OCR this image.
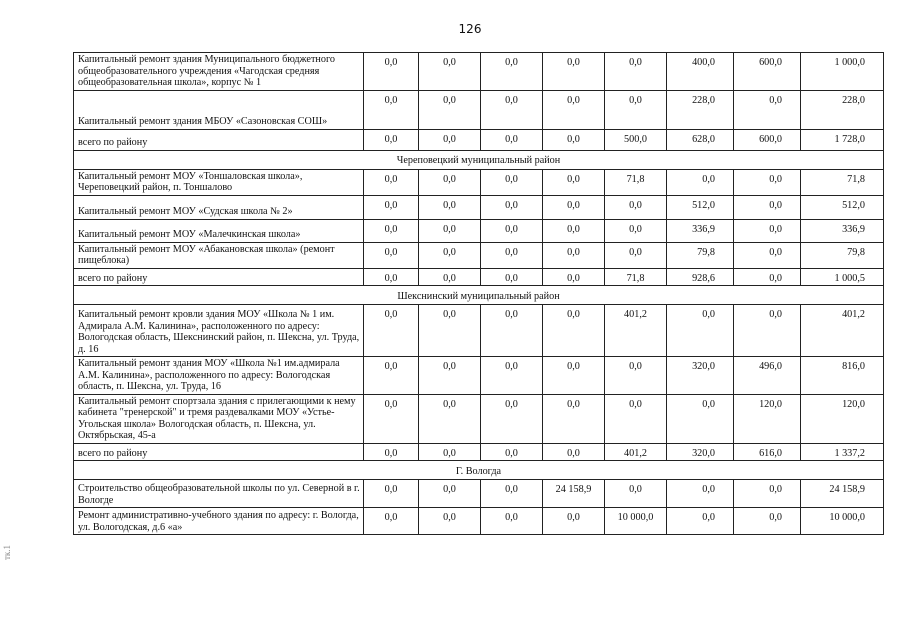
126
тк.1
Капитальный ремонт здания Муниципального бюджетного общеобразовательного учреждения «Чагодская средняя общеобразовательная школа», корпус № 1	0,0	0,0	0,0	0,0	0,0	400,0	600,0	1 000,0
Капитальный ремонт здания МБОУ «Сазоновская СОШ»	0,0	0,0	0,0	0,0	0,0	228,0	0,0	228,0
всего по району	0,0	0,0	0,0	0,0	500,0	628,0	600,0	1 728,0
Череповецкий муниципальный район								
Капитальный ремонт МОУ «Тоншаловская школа», Череповецкий район, п. Тоншалово	0,0	0,0	0,0	0,0	71,8	0,0	0,0	71,8
Капитальный ремонт МОУ «Судская школа № 2»	0,0	0,0	0,0	0,0	0,0	512,0	0,0	512,0
Капитальный ремонт МОУ «Малечкинская школа»	0,0	0,0	0,0	0,0	0,0	336,9	0,0	336,9
Капитальный ремонт МОУ «Абакановская школа» (ремонт пищеблока)	0,0	0,0	0,0	0,0	0,0	79,8	0,0	79,8
всего по району	0,0	0,0	0,0	0,0	71,8	928,6	0,0	1 000,5
Шекснинский муниципальный район								
Капитальный ремонт кровли здания МОУ «Школа № 1 им. Адмирала А.М. Калинина», расположенного по адресу: Вологодская область, Шекснинский район, п. Шексна, ул. Труда, д. 16	0,0	0,0	0,0	0,0	401,2	0,0	0,0	401,2
Капитальный ремонт здания МОУ «Школа №1 им.адмирала А.М. Калинина», расположенного по адресу: Вологодская область, п. Шексна, ул. Труда, 16	0,0	0,0	0,0	0,0	0,0	320,0	496,0	816,0
Капитальный ремонт спортзала здания с прилегающими к нему кабинета "тренерской" и тремя раздевалками МОУ «Устье-Угольская школа» Вологодская область, п. Шексна, ул. Октябрьская, 45-а	0,0	0,0	0,0	0,0	0,0	0,0	120,0	120,0
всего по району	0,0	0,0	0,0	0,0	401,2	320,0	616,0	1 337,2
Г. Вологда								
Строительство общеобразовательной школы по ул. Северной в г. Вологде	0,0	0,0	0,0	24 158,9	0,0	0,0	0,0	24 158,9
Ремонт административно-учебного здания по адресу: г. Вологда, ул. Вологодская, д.6 «а»	0,0	0,0	0,0	0,0	10 000,0	0,0	0,0	10 000,0
